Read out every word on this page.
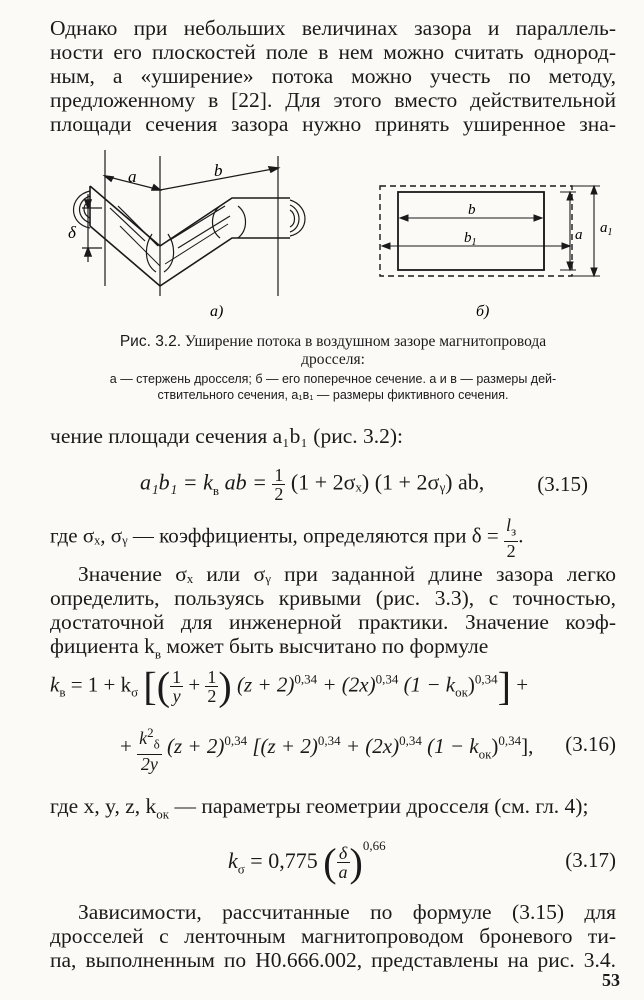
Однако при небольших величинах зазора и параллель-
ности его плоскостей поле в нем можно считать однород-
ным, а «уширение» потока можно учесть по методу,
предложенному в [22]. Для этого вместо действительной
площади сечения зазора нужно принять уширенное зна-

a	b
δ
а)
b
$b_1$	a $a_1$
б)
Рис. 3.2. Уширение потока в воздушном зазоре магнитопровода
дросселя:
а — стержень дросселя; б — его поперечное сечение. а и в — размеры дей-
ствительного сечения, a₁в₁ — размеры фиктивного сечения.

чение площади сечения a₁b₁ (рис. 3.2):

$a_1b_1 = k_в$ ab = $\frac{1}{2} (1 + 2\sigma_x) (1$ + 2σᵧ) ab,	(3.15)
где σₓ, σᵧ — коэффициенты, определяются при $\delta = \frac{l_з}{2}$ .

Значение σₓ или σᵧ при заданной длине зазора легко
определить, пользуясь кривыми (рис. 3.3), с точностью,
достаточной для инженерной практики. Значение коэф-
фициента $k_в$ может быть высчитано по формуле

$k_в = 1 + k_\sigma$ [( $\frac{1}{y} + \frac{1}{2}$ ) $(z + 2)^{0,34} + (2x)^{0,34}$ $(1 - k_{ок})^{0,34}$] +
+ $\frac{k^2_\delta}{2y} (z + 2)^{0,34}$ [$(z + 2)^{0,34} + (2x)^{0,34}$ $(1 - k_{ок})^{0,34}$], (3.16)

где x, y, z, $k_{ок}$ — параметры геометрии дросселя (см. гл. 4);

$k_\sigma = 0,775$ ( $\frac{\delta}{a} )^{0,66}$
(3.17)

Зависимости, рассчитанные по формуле (3.15) для
дросселей с ленточным магнитопроводом броневого ти-
па, выполненным по Н0.666.002, представлены на рис. 3.4.

53
